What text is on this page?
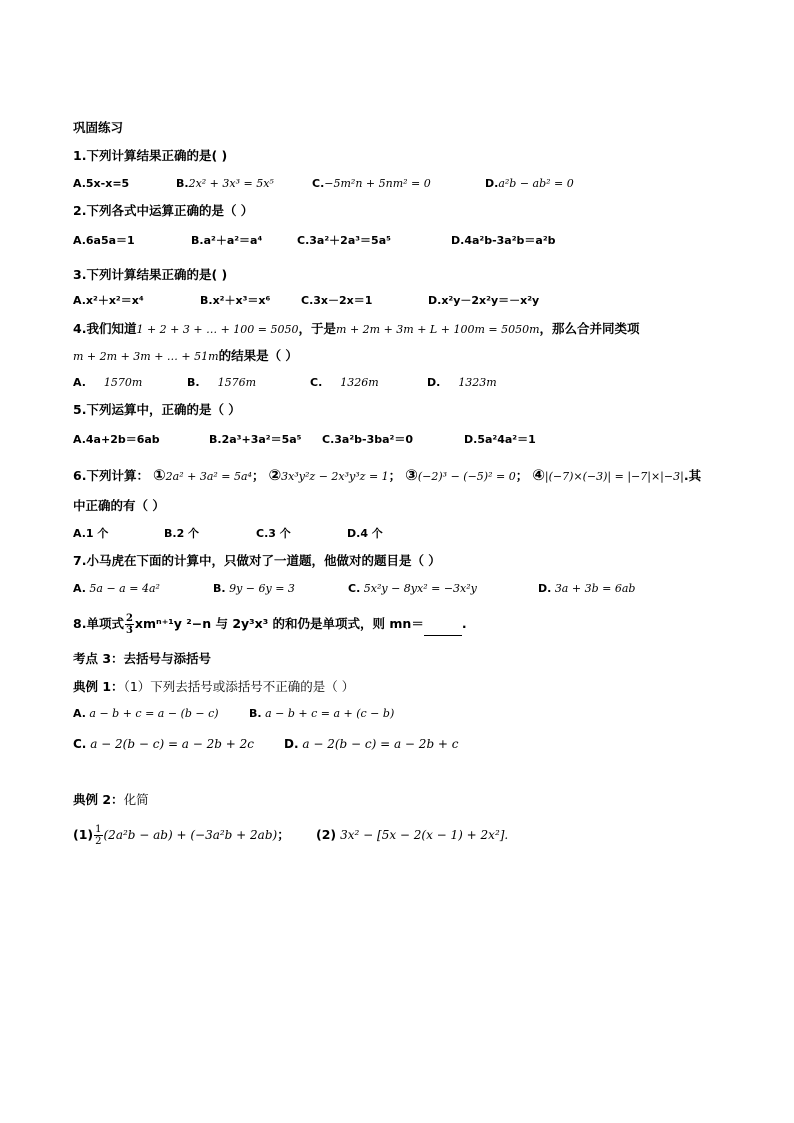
巩固练习
1.下列计算结果正确的是( )
A.5x-x=5	B.2x² + 3x³ = 5x⁵	C.−5m²n + 5nm² = 0	D.a²b − ab² = 0
2.下列各式中运算正确的是（ ）
A.6a5a＝1	B.a²＋a²＝a⁴	C.3a²＋2a³＝5a⁵	D.4a²b-3a²b＝a²b
3.下列计算结果正确的是( )
A.x²＋x²＝x⁴	B.x²＋x³＝x⁶	C.3x－2x＝1	D.x²y－2x²y＝－x²y
4.我们知道1 + 2 + 3 + … + 100 = 5050，于是m + 2m + 3m + L + 100m = 5050m，那么合并同类项
m + 2m + 3m + … + 51m的结果是（ ）
A. 1570m	B. 1576m	C. 1326m	D. 1323m
5.下列运算中，正确的是（ ）
A.4a+2b＝6ab	B.2a³+3a²＝5a⁵ C.3a²b-3ba²＝0	D.5a²4a²＝1
6.下列计算： ①2a² + 3a² = 5a⁴； ②3x³y²z − 2x³y³z = 1； ③(−2)³ − (−5)² = 0； ④|(−7)×(−3)| = |−7|×|−3|.其
中正确的有（ ）
A.1 个	B.2 个	C.3 个	D.4 个
7.小马虎在下面的计算中，只做对了一道题，他做对的题目是（ ）
A. 5a − a = 4a²	B. 9y − 6y = 3	C. 5x²y − 8yx² = −3x²y	D. 3a + 3b = 6ab
8.单项式 $\frac{2}{3} xm^{n+1}y$ ²−n 与 2y³x³ 的和仍是单项式，则 mn＝	.
考点 3：去括号与添括号
典例 1：（1）下列去括号或添括号不正确的是（ ）
A. a − b + c = a − (b − c)	B. a − b + c = a + (c − b)
C. a − 2(b − c) = a − 2b + 2c D. a − 2(b − c) = a − 2b + c
典例 2：化简
$(1) \frac{1}{2} (2a^2b - ab) + (-3a^2b + 2ab)$； (2) 3x² − [5x − 2(x − 1) + 2x²].
